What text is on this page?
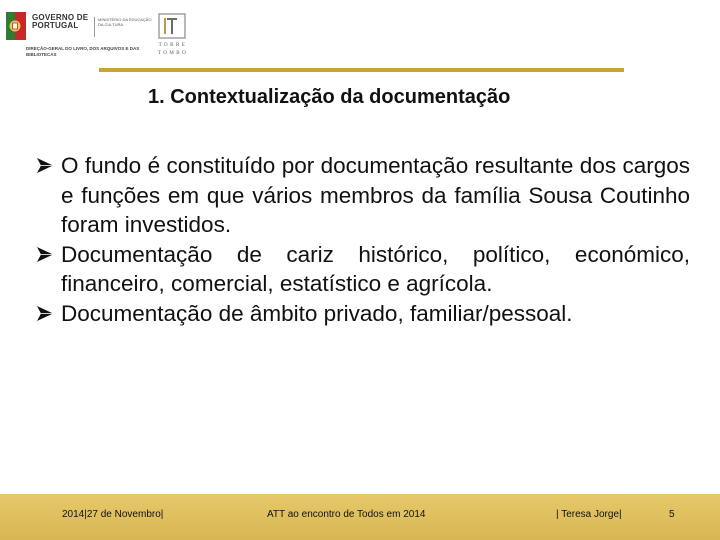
GOVERNO DE
PORTUGAL
MINISTÉRIO DA EDUCAÇÃO DA CULTURA
DIREÇÃO-GERAL DO LIVRO, DOS ARQUIVOS E DAS BIBLIOTECAS
TORRE TOMBO
1. Contextualização da documentação
O fundo é constituído por documentação resultante dos cargos e funções em que vários membros da família Sousa Coutinho foram investidos.
Documentação de cariz histórico, político, económico, financeiro, comercial, estatístico e agrícola.
Documentação de âmbito privado, familiar/pessoal.
2014|27 de Novembro|	ATT ao encontro de Todos em 2014	| Teresa Jorge|	5
